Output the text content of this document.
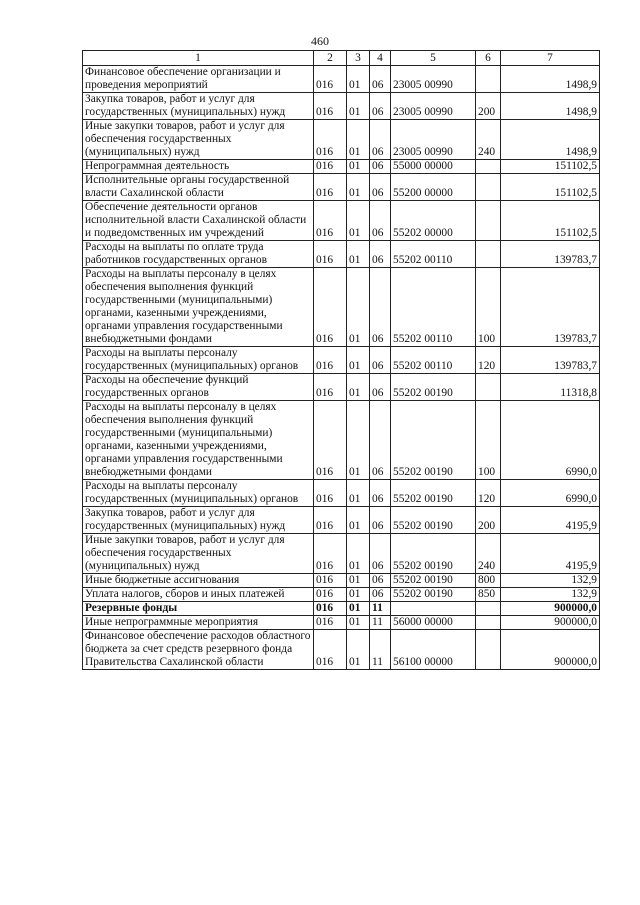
460
1	2	3	4	5	6	7
Финансовое обеспечение организации и проведения мероприятий	016	01	06	23005 00990		1498,9
Закупка товаров, работ и услуг для государственных (муниципальных) нужд	016	01	06	23005 00990	200	1498,9
Иные закупки товаров, работ и услуг для обеспечения государственных (муниципальных) нужд	016	01	06	23005 00990	240	1498,9
Непрограммная деятельность	016	01	06	55000 00000		151102,5
Исполнительные органы государственной власти Сахалинской области	016	01	06	55200 00000		151102,5
Обеспечение деятельности органов исполнительной власти Сахалинской области и подведомственных им учреждений	016	01	06	55202 00000		151102,5
Расходы на выплаты по оплате труда работников государственных органов	016	01	06	55202 00110		139783,7
Расходы на выплаты персоналу в целях обеспечения выполнения функций государственными (муниципальными) органами, казенными учреждениями, органами управления государственными внебюджетными фондами	016	01	06	55202 00110	100	139783,7
Расходы на выплаты персоналу государственных (муниципальных) органов	016	01	06	55202 00110	120	139783,7
Расходы на обеспечение функций государственных органов	016	01	06	55202 00190		11318,8
Расходы на выплаты персоналу в целях обеспечения выполнения функций государственными (муниципальными) органами, казенными учреждениями, органами управления государственными внебюджетными фондами	016	01	06	55202 00190	100	6990,0
Расходы на выплаты персоналу государственных (муниципальных) органов	016	01	06	55202 00190	120	6990,0
Закупка товаров, работ и услуг для государственных (муниципальных) нужд	016	01	06	55202 00190	200	4195,9
Иные закупки товаров, работ и услуг для обеспечения государственных (муниципальных) нужд	016	01	06	55202 00190	240	4195,9
Иные бюджетные ассигнования	016	01	06	55202 00190	800	132,9
Уплата налогов, сборов и иных платежей	016	01	06	55202 00190	850	132,9
Резервные фонды	016	01	11			900000,0
Иные непрограммные мероприятия	016	01	11	56000 00000		900000,0
Финансовое обеспечение расходов областного бюджета за счет средств резервного фонда Правительства Сахалинской области	016	01	11	56100 00000		900000,0
